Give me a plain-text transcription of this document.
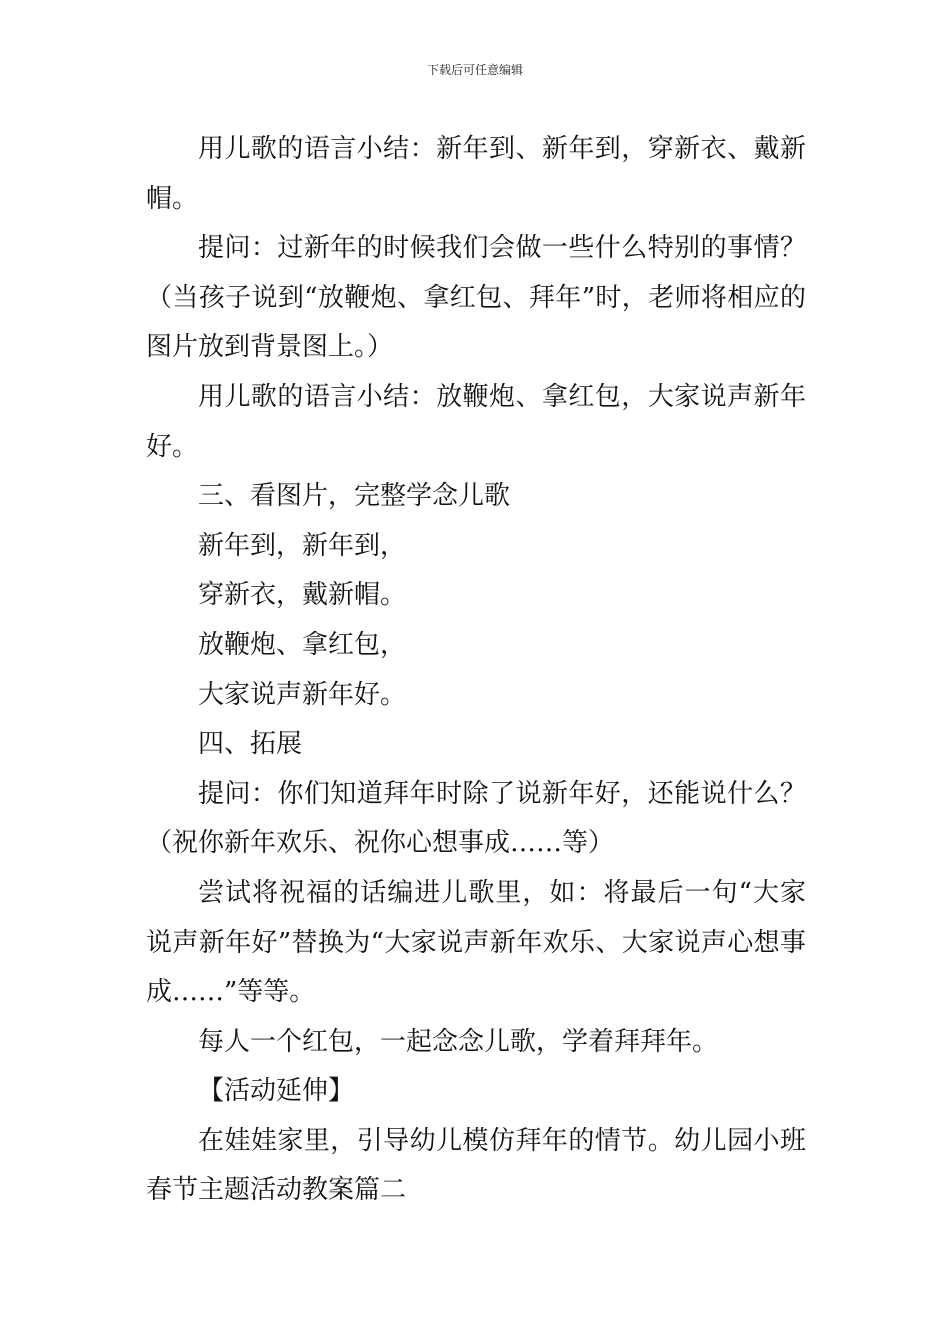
下载后可任意编辑

用儿歌的语言小结：新年到、新年到，穿新衣、戴新帽。

提问：过新年的时候我们会做一些什么特别的事情？（当孩子说到“放鞭炮、拿红包、拜年”时，老师将相应的图片放到背景图上。）

用儿歌的语言小结：放鞭炮、拿红包，大家说声新年好。

三、看图片，完整学念儿歌

新年到，新年到，

穿新衣，戴新帽。

放鞭炮、拿红包，

大家说声新年好。

四、拓展

提问：你们知道拜年时除了说新年好，还能说什么？（祝你新年欢乐、祝你心想事成……等）

尝试将祝福的话编进儿歌里，如：将最后一句“大家说声新年好”替换为“大家说声新年欢乐、大家说声心想事成……”等等。

每人一个红包，一起念念儿歌，学着拜拜年。

【活动延伸】

在娃娃家里，引导幼儿模仿拜年的情节。幼儿园小班春节主题活动教案篇二
